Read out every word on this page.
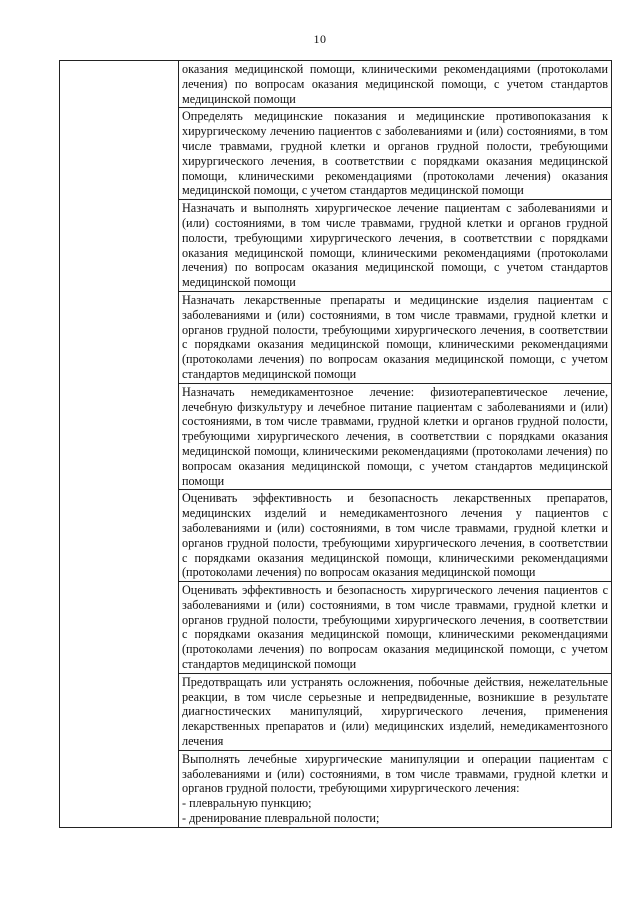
10

оказания медицинской помощи, клиническими рекомендациями (протоколами лечения) по вопросам оказания медицинской помощи, с учетом стандартов медицинской помощи

Определять медицинские показания и медицинские противопоказания к хирургическому лечению пациентов с заболеваниями и (или) состояниями, в том числе травмами, грудной клетки и органов грудной полости, требующими хирургического лечения, в соответствии с порядками оказания медицинской помощи, клиническими рекомендациями (протоколами лечения) оказания медицинской помощи, с учетом стандартов медицинской помощи

Назначать и выполнять хирургическое лечение пациентам с заболеваниями и (или) состояниями, в том числе травмами, грудной клетки и органов грудной полости, требующими хирургического лечения, в соответствии с порядками оказания медицинской помощи, клиническими рекомендациями (протоколами лечения) по вопросам оказания медицинской помощи, с учетом стандартов медицинской помощи

Назначать лекарственные препараты и медицинские изделия пациентам с заболеваниями и (или) состояниями, в том числе травмами, грудной клетки и органов грудной полости, требующими хирургического лечения, в соответствии с порядками оказания медицинской помощи, клиническими рекомендациями (протоколами лечения) по вопросам оказания медицинской помощи, с учетом стандартов медицинской помощи

Назначать немедикаментозное лечение: физиотерапевтическое лечение, лечебную физкультуру и лечебное питание пациентам с заболеваниями и (или) состояниями, в том числе травмами, грудной клетки и органов грудной полости, требующими хирургического лечения, в соответствии с порядками оказания медицинской помощи, клиническими рекомендациями (протоколами лечения) по вопросам оказания медицинской помощи, с учетом стандартов медицинской помощи

Оценивать эффективность и безопасность лекарственных препаратов, медицинских изделий и немедикаментозного лечения у пациентов с заболеваниями и (или) состояниями, в том числе травмами, грудной клетки и органов грудной полости, требующими хирургического лечения, в соответствии с порядками оказания медицинской помощи, клиническими рекомендациями (протоколами лечения) по вопросам оказания медицинской помощи

Оценивать эффективность и безопасность хирургического лечения пациентов с заболеваниями и (или) состояниями, в том числе травмами, грудной клетки и органов грудной полости, требующими хирургического лечения, в соответствии с порядками оказания медицинской помощи, клиническими рекомендациями (протоколами лечения) по вопросам оказания медицинской помощи, с учетом стандартов медицинской помощи

Предотвращать или устранять осложнения, побочные действия, нежелательные реакции, в том числе серьезные и непредвиденные, возникшие в результате диагностических манипуляций, хирургического лечения, применения лекарственных препаратов и (или) медицинских изделий, немедикаментозного лечения

Выполнять лечебные хирургические манипуляции и операции пациентам с заболеваниями и (или) состояниями, в том числе травмами, грудной клетки и органов грудной полости, требующими хирургического лечения:

- плевральную пункцию;
- дренирование плевральной полости;
